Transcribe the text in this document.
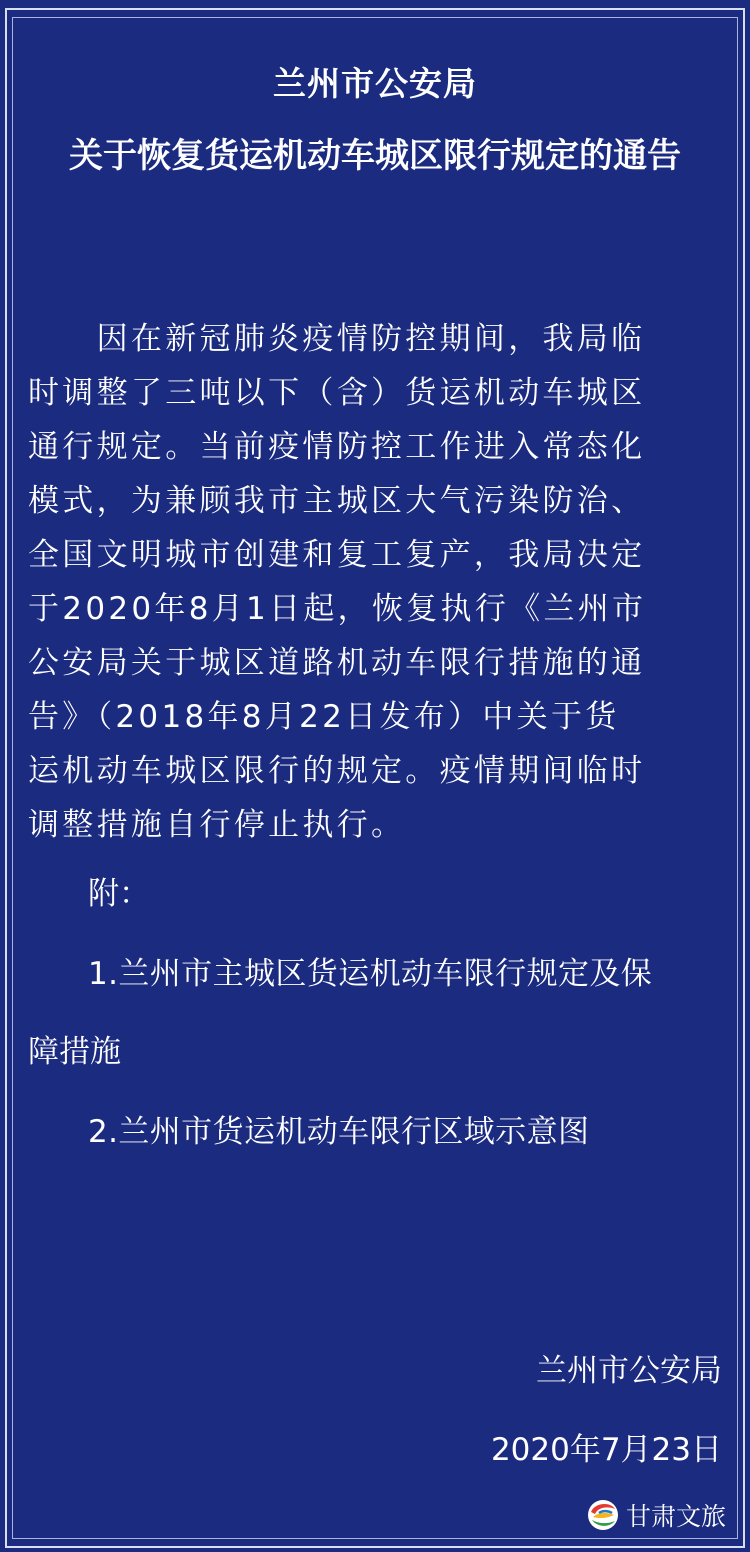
兰州市公安局
关于恢复货运机动车城区限行规定的通告
　　因在新冠肺炎疫情防控期间，我局临
时调整了三吨以下（含）货运机动车城区
通行规定。当前疫情防控工作进入常态化
模式，为兼顾我市主城区大气污染防治、
全国文明城市创建和复工复产，我局决定
于2020年8月1日起，恢复执行《兰州市
公安局关于城区道路机动车限行措施的通
告》（2018年8月22日发布）中关于货
运机动车城区限行的规定。疫情期间临时
调整措施自行停止执行。
附：
1.兰州市主城区货运机动车限行规定及保
障措施
2.兰州市货运机动车限行区域示意图
兰州市公安局
2020年7月23日
甘肃文旅
